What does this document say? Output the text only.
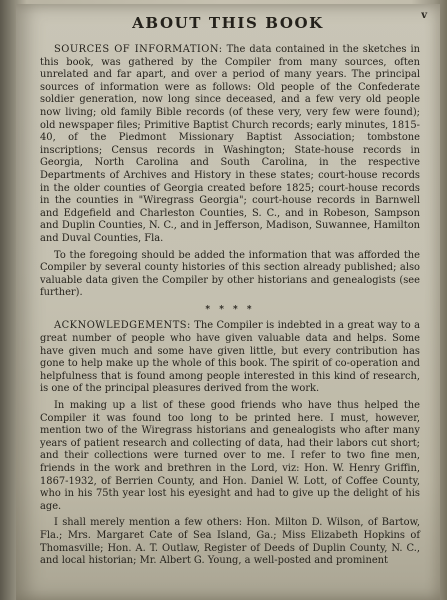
v
ABOUT THIS BOOK

SOURCES OF INFORMATION: The data contained in the sketches in this book, was gathered by the Compiler from many sources, often unrelated and far apart, and over a period of many years. The principal sources of information were as follows: Old people of the Confederate soldier generation, now long since deceased, and a few very old people now living; old family Bible records (of these very, very few were found); old newspaper files; Primitive Baptist Church records; early minutes, 1815-40, of the Piedmont Missionary Baptist Association; tombstone inscriptions; Census records in Washington; State-house records in Georgia, North Carolina and South Carolina, in the respective Departments of Archives and History in these states; court-house records in the older counties of Georgia created before 1825; court-house records in the counties in "Wiregrass Georgia"; court-house records in Barnwell and Edgefield and Charleston Counties, S. C., and in Robeson, Sampson and Duplin Counties, N. C., and in Jefferson, Madison, Suwannee, Hamilton and Duval Counties, Fla.

To the foregoing should be added the information that was afforded the Compiler by several county histories of this section already published; also valuable data given the Compiler by other historians and genealogists (see further).

* * * *

ACKNOWLEDGEMENTS: The Compiler is indebted in a great way to a great number of people who have given valuable data and helps. Some have given much and some have given little, but every contribution has gone to help make up the whole of this book. The spirit of co-operation and helpfulness that is found among people interested in this kind of research, is one of the principal pleasures derived from the work.

In making up a list of these good friends who have thus helped the Compiler it was found too long to be printed here. I must, however, mention two of the Wiregrass historians and genealogists who after many years of patient research and collecting of data, had their labors cut short; and their collections were turned over to me. I refer to two fine men, friends in the work and brethren in the Lord, viz: Hon. W. Henry Griffin, 1867-1932, of Berrien County, and Hon. Daniel W. Lott, of Coffee County, who in his 75th year lost his eyesight and had to give up the delight of his age.

I shall merely mention a few others: Hon. Milton D. Wilson, of Bartow, Fla.; Mrs. Margaret Cate of Sea Island, Ga.; Miss Elizabeth Hopkins of Thomasville; Hon. A. T. Outlaw, Register of Deeds of Duplin County, N. C., and local historian; Mr. Albert G. Young, a well-posted and prominent
